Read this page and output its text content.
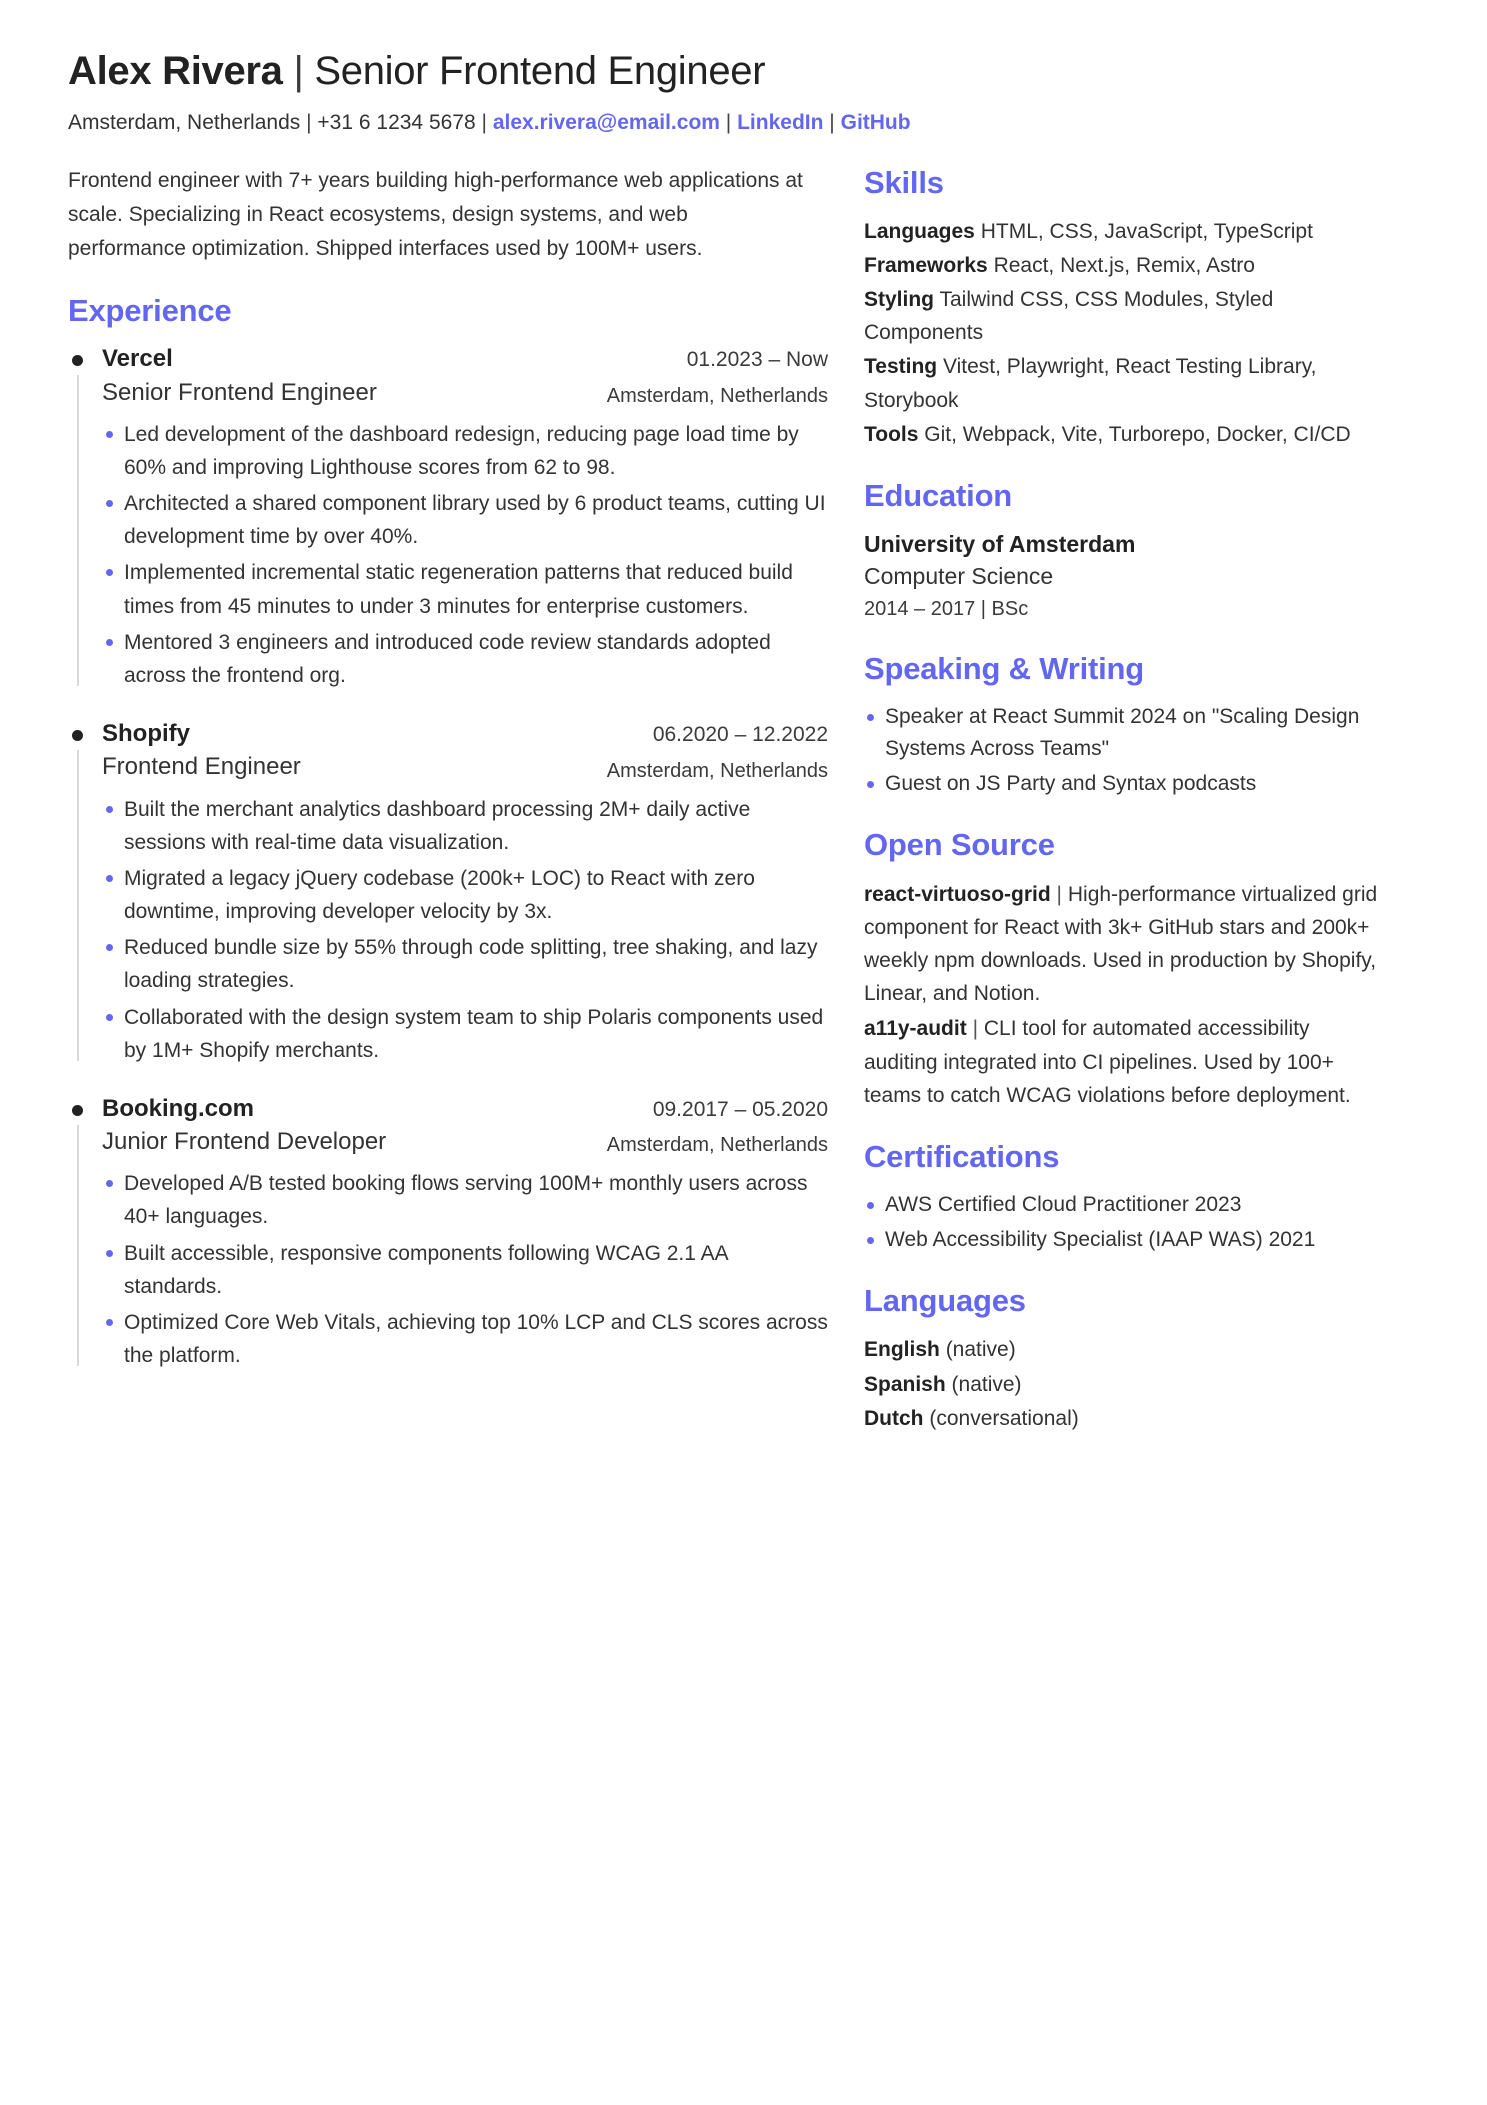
Alex Rivera | Senior Frontend Engineer
Amsterdam, Netherlands | +31 6 1234 5678 | alex.rivera@email.com | LinkedIn | GitHub

Frontend engineer with 7+ years building high-performance web applications at scale. Specializing in React ecosystems, design systems, and web performance optimization. Shipped interfaces used by 100M+ users.

Experience
Vercel	01.2023 – Now
Senior Frontend Engineer	Amsterdam, Netherlands
Led development of the dashboard redesign, reducing page load time by 60% and improving Lighthouse scores from 62 to 98.
Architected a shared component library used by 6 product teams, cutting UI development time by over 40%.
Implemented incremental static regeneration patterns that reduced build times from 45 minutes to under 3 minutes for enterprise customers.
Mentored 3 engineers and introduced code review standards adopted across the frontend org.
Shopify	06.2020 – 12.2022
Frontend Engineer	Amsterdam, Netherlands
Built the merchant analytics dashboard processing 2M+ daily active sessions with real-time data visualization.
Migrated a legacy jQuery codebase (200k+ LOC) to React with zero downtime, improving developer velocity by 3x.
Reduced bundle size by 55% through code splitting, tree shaking, and lazy loading strategies.
Collaborated with the design system team to ship Polaris components used by 1M+ Shopify merchants.
Booking.com	09.2017 – 05.2020
Junior Frontend Developer	Amsterdam, Netherlands
Developed A/B tested booking flows serving 100M+ monthly users across 40+ languages.
Built accessible, responsive components following WCAG 2.1 AA standards.
Optimized Core Web Vitals, achieving top 10% LCP and CLS scores across the platform.
Skills
Languages HTML, CSS, JavaScript, TypeScript
Frameworks React, Next.js, Remix, Astro
Styling Tailwind CSS, CSS Modules, Styled Components
Testing Vitest, Playwright, React Testing Library, Storybook
Tools Git, Webpack, Vite, Turborepo, Docker, CI/CD
Education
University of Amsterdam
Computer Science
2014 – 2017 | BSc
Speaking & Writing
Speaker at React Summit 2024 on "Scaling Design Systems Across Teams"
Guest on JS Party and Syntax podcasts
Open Source
react-virtuoso-grid | High-performance virtualized grid component for React with 3k+ GitHub stars and 200k+ weekly npm downloads. Used in production by Shopify, Linear, and Notion.
a11y-audit | CLI tool for automated accessibility auditing integrated into CI pipelines. Used by 100+ teams to catch WCAG violations before deployment.
Certifications
AWS Certified Cloud Practitioner 2023
Web Accessibility Specialist (IAAP WAS) 2021
Languages
English (native)
Spanish (native)
Dutch (conversational)
